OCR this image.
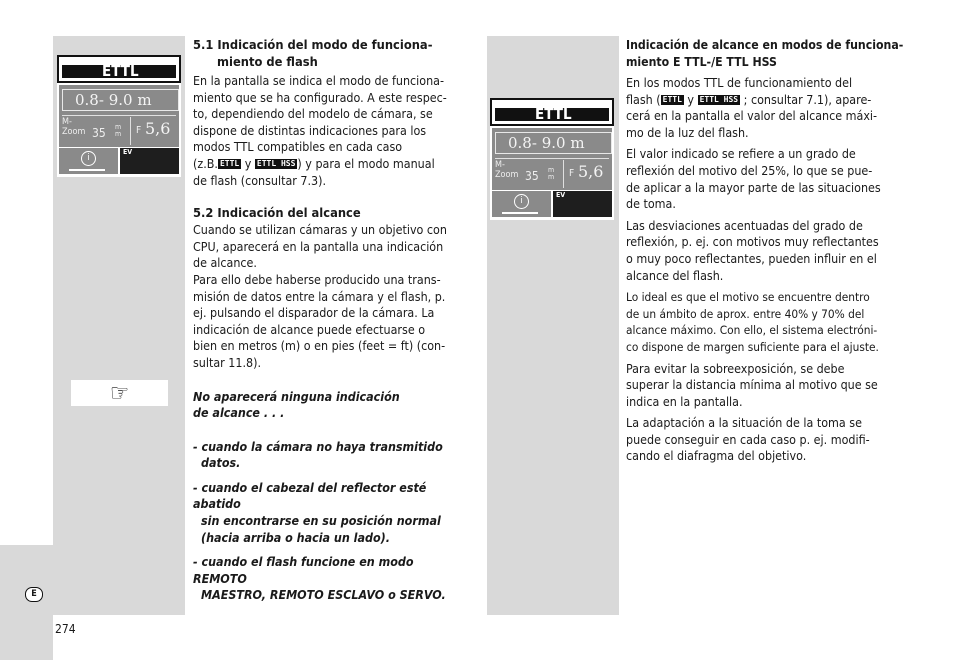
ETTL
0.8- 9.0 m
M-
Zoom 35 m
m F 5,6
i
EV
☞

5.1 Indicación del modo de funciona-
miento de flash

En la pantalla se indica el modo de funciona-
miento que se ha configurado. A este respec-
to, dependiendo del modelo de cámara, se
dispone de distintas indicaciones para los
modos TTL compatibles en cada caso
(z.B. ETTL y ETTL HSS ) y para el modo manual
de flash (consultar 7.3).

5.2 Indicación del alcance

Cuando se utilizan cámaras y un objetivo con
CPU, aparecerá en la pantalla una indicación
de alcance.
Para ello debe haberse producido una trans-
misión de datos entre la cámara y el flash, p.
ej. pulsando el disparador de la cámara. La
indicación de alcance puede efectuarse o
bien en metros (m) o en pies (feet = ft) (con-
sultar 11.8).

No aparecerá ninguna indicación
de alcance . . .

- cuando la cámara no haya transmitido
datos.

- cuando el cabezal del reflector esté abatido
sin encontrarse en su posición normal
(hacia arriba o hacia un lado).

- cuando el flash funcione en modo REMOTO
MAESTRO, REMOTO ESCLAVO o SERVO.

ETTL
0.8- 9.0 m
M-
Zoom 35 m
m F 5,6
i
EV

Indicación de alcance en modos de funciona-
miento E TTL-/E TTL HSS

En los modos TTL de funcionamiento del
flash ( ETTL y ETTL HSS ; consultar 7.1), apare-
cerá en la pantalla el valor del alcance máxi-
mo de la luz del flash.

El valor indicado se refiere a un grado de
reflexión del motivo del 25%, lo que se pue-
de aplicar a la mayor parte de las situaciones
de toma.

Las desviaciones acentuadas del grado de
reflexión, p. ej. con motivos muy reflectantes
o muy poco reflectantes, pueden influir en el
alcance del flash.

Lo ideal es que el motivo se encuentre dentro
de un ámbito de aprox. entre 40% y 70% del
alcance máximo. Con ello, el sistema electróni-
co dispone de margen suficiente para el ajuste.

Para evitar la sobreexposición, se debe
superar la distancia mínima al motivo que se
indica en la pantalla.

La adaptación a la situación de la toma se
puede conseguir en cada caso p. ej. modifi-
cando el diafragma del objetivo.

E
274
